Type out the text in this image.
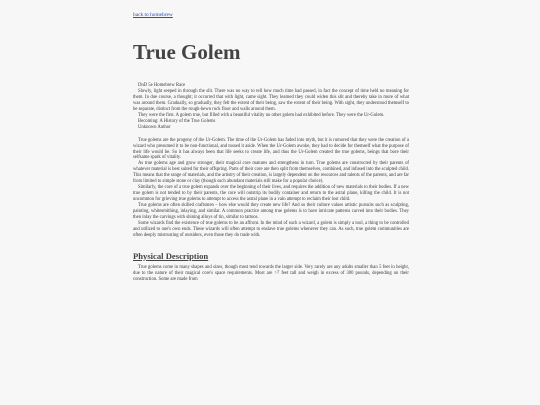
back to homebrew
True Golem
DnD 5e Homebrew Race
Slowly, light seeped in through the slit. There was no way to tell how much time had passed, in fact the concept of time held no meaning for them. In due course, a thought; it occurred that with light, came sight. They learned they could widen this slit and thereby take in more of what was around them. Gradually, so gradually, they felt the extent of their being, saw the extent of their being. With sight, they understood themself to be separate, distinct from the rough-hewn rock floor and walls around them.
They were the first. A golem true, but filled with a beautiful vitality no other golem had exhibited before. They were the Ur-Golem.
Becoming: A History of the True Golems
Unknown Author

True golems are the progeny of the Ur-Golem. The time of the Ur-Golem has faded into myth, but it is rumored that they were the creation of a wizard who presumed it to be non-functional, and tossed it aside. When the Ur-Golem awoke, they had to decide for themself what the purpose of their life would be. So it has always been that life seeks to create life, and thus the Ur-Golem created the true golems, beings that bore their selfsame spark of vitality.

As true golems age and grow stronger, their magical core matures and strengthens in turn. True golems are constructed by their parents of whatever material is best suited for their offspring. Parts of their core are then split from themselves, combined, and infused into the sculpted child. This means that the range of materials, and the artistry of their creation, is largely dependent on the resources and talents of the parents, and are far from limited to simple stone or clay (though such abundant materials still make for a popular choice).

Similarly, the core of a true golem expands over the beginning of their lives, and requires the addition of new materials to their bodies. If a new true golem is not tended to by their parents, the core will outstrip its bodily container and return to the astral plane, killing the child. It is not uncommon for grieving true golems to attempt to access the astral plane in a vain attempt to reclaim their lost child.

True golems are often skilled craftsmen – how else would they create new life? And so their culture values artistic pursuits such as sculpting, painting, whitesmithing, inlaying, and similar. A common practice among true golems is to have intricate patterns carved into their bodies. They then inlay the carvings with shining alloys of tin, similar to tattoos.

Some wizards find the existence of true golems to be an affront. In the mind of such a wizard, a golem is simply a tool, a thing to be controlled and utilized to one's own ends. These wizards will often attempt to enslave true golems whenever they can. As such, true golem communities are often deeply mistrusting of outsiders, even those they do trade with.

Physical Description

True golems come in many shapes and sizes, though most tend towards the larger side. Very rarely are any adults smaller than 5 feet in height, due to the nature of their magical core's space requirements. Most are >7 feet tall and weigh in excess of 300 pounds, depending on their construction. Some are made from
